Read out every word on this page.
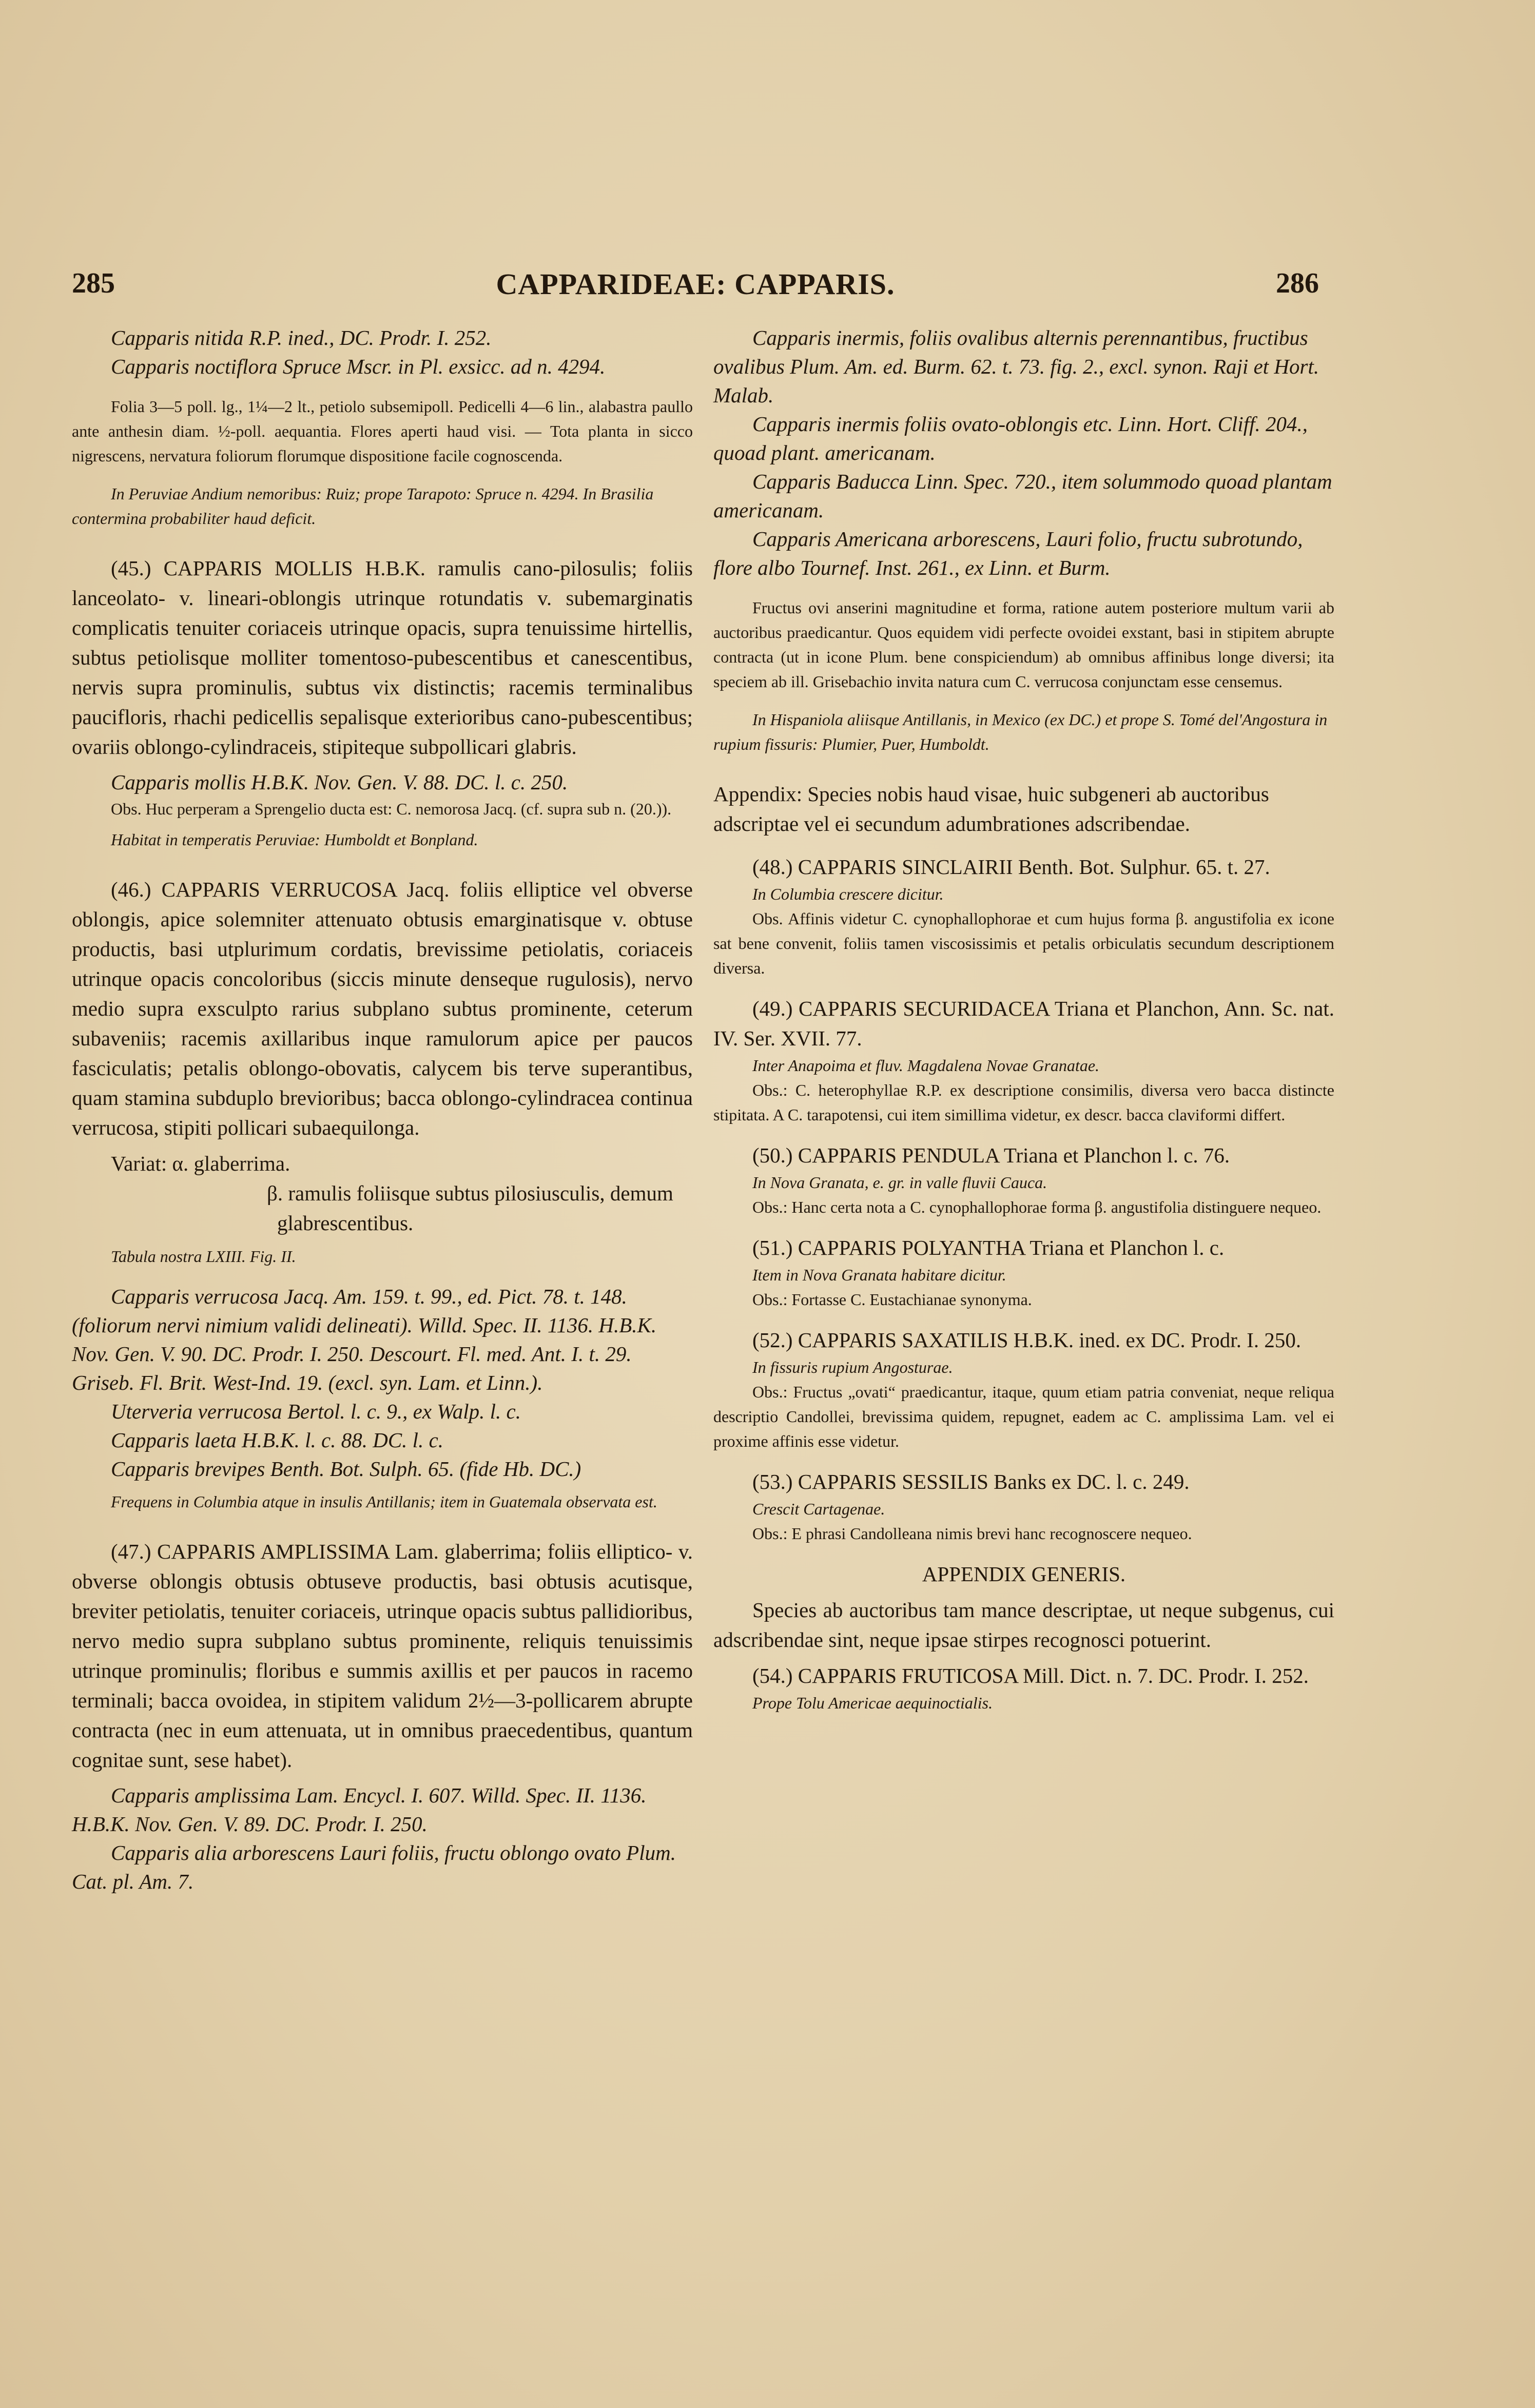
285	CAPPARIDEAE: CAPPARIS.	286

Capparis nitida R.P. ined., DC. Prodr. I. 252.

Capparis noctiflora Spruce Mscr. in Pl. exsicc. ad n. 4294.

Folia 3—5 poll. lg., 1¼—2 lt., petiolo subsemipoll. Pedicelli 4—6 lin., alabastra paullo ante anthesin diam. ½-poll. aequantia. Flores aperti haud visi. — Tota planta in sicco nigrescens, nervatura foliorum florumque dispositione facile cognoscenda.

In Peruviae Andium nemoribus: Ruiz; prope Tarapoto: Spruce n. 4294. In Brasilia contermina probabiliter haud deficit.

(45.) CAPPARIS MOLLIS H.B.K. ramulis cano-pilosulis; foliis lanceolato- v. lineari-oblongis utrinque rotundatis v. subemarginatis complicatis tenuiter coriaceis utrinque opacis, supra tenuissime hirtellis, subtus petiolisque molliter tomentoso-pubescentibus et canescentibus, nervis supra prominulis, subtus vix distinctis; racemis terminalibus paucifloris, rhachi pedicellis sepalisque exterioribus cano-pubescentibus; ovariis oblongo-cylindraceis, stipiteque subpollicari glabris.

Capparis mollis H.B.K. Nov. Gen. V. 88. DC. l. c. 250.

Obs. Huc perperam a Sprengelio ducta est: C. nemorosa Jacq. (cf. supra sub n. (20.)).

Habitat in temperatis Peruviae: Humboldt et Bonpland.

(46.) CAPPARIS VERRUCOSA Jacq. foliis elliptice vel obverse oblongis, apice solemniter attenuato obtusis emarginatisque v. obtuse productis, basi utplurimum cordatis, brevissime petiolatis, coriaceis utrinque opacis concoloribus (siccis minute denseque rugulosis), nervo medio supra exsculpto rarius subplano subtus prominente, ceterum subaveniis; racemis axillaribus inque ramulorum apice per paucos fasciculatis; petalis oblongo-obovatis, calycem bis terve superantibus, quam stamina subduplo brevioribus; bacca oblongo-cylindracea continua verrucosa, stipiti pollicari subaequilonga.

Variat: α. glaberrima.

β. ramulis foliisque subtus pilosiusculis, demum

glabrescentibus.

Tabula nostra LXIII. Fig. II.

Capparis verrucosa Jacq. Am. 159. t. 99., ed. Pict. 78. t. 148. (foliorum nervi nimium validi delineati). Willd. Spec. II. 1136. H.B.K. Nov. Gen. V. 90. DC. Prodr. I. 250. Descourt. Fl. med. Ant. I. t. 29. Griseb. Fl. Brit. West-Ind. 19. (excl. syn. Lam. et Linn.).

Uterveria verrucosa Bertol. l. c. 9., ex Walp. l. c.

Capparis laeta H.B.K. l. c. 88. DC. l. c.

Capparis brevipes Benth. Bot. Sulph. 65. (fide Hb. DC.)

Frequens in Columbia atque in insulis Antillanis; item in Guatemala observata est.

(47.) CAPPARIS AMPLISSIMA Lam. glaberrima; foliis elliptico- v. obverse oblongis obtusis obtuseve productis, basi obtusis acutisque, breviter petiolatis, tenuiter coriaceis, utrinque opacis subtus pallidioribus, nervo medio supra subplano subtus prominente, reliquis tenuissimis utrinque prominulis; floribus e summis axillis et per paucos in racemo terminali; bacca ovoidea, in stipitem validum 2½—3-pollicarem abrupte contracta (nec in eum attenuata, ut in omnibus praecedentibus, quantum cognitae sunt, sese habet).

Capparis amplissima Lam. Encycl. I. 607. Willd. Spec. II. 1136. H.B.K. Nov. Gen. V. 89. DC. Prodr. I. 250.

Capparis alia arborescens Lauri foliis, fructu oblongo ovato Plum. Cat. pl. Am. 7.

Capparis inermis, foliis ovalibus alternis perennantibus, fructibus ovalibus Plum. Am. ed. Burm. 62. t. 73. fig. 2., excl. synon. Raji et Hort. Malab.

Capparis inermis foliis ovato-oblongis etc. Linn. Hort. Cliff. 204., quoad plant. americanam.

Capparis Baducca Linn. Spec. 720., item solummodo quoad plantam americanam.

Capparis Americana arborescens, Lauri folio, fructu subrotundo, flore albo Tournef. Inst. 261., ex Linn. et Burm.

Fructus ovi anserini magnitudine et forma, ratione autem posteriore multum varii ab auctoribus praedicantur. Quos equidem vidi perfecte ovoidei exstant, basi in stipitem abrupte contracta (ut in icone Plum. bene conspiciendum) ab omnibus affinibus longe diversi; ita speciem ab ill. Grisebachio invita natura cum C. verrucosa conjunctam esse censemus.

In Hispaniola aliisque Antillanis, in Mexico (ex DC.) et prope S. Tomé del'Angostura in rupium fissuris: Plumier, Puer, Humboldt.

Appendix: Species nobis haud visae, huic subgeneri ab auctoribus adscriptae vel ei secundum adumbrationes adscribendae.

(48.) CAPPARIS SINCLAIRII Benth. Bot. Sulphur. 65. t. 27.

In Columbia crescere dicitur.

Obs. Affinis videtur C. cynophallophorae et cum hujus forma β. angustifolia ex icone sat bene convenit, foliis tamen viscosissimis et petalis orbiculatis secundum descriptionem diversa.

(49.) CAPPARIS SECURIDACEA Triana et Planchon, Ann. Sc. nat. IV. Ser. XVII. 77.

Inter Anapoima et fluv. Magdalena Novae Granatae.

Obs.: C. heterophyllae R.P. ex descriptione consimilis, diversa vero bacca distincte stipitata. A C. tarapotensi, cui item simillima videtur, ex descr. bacca claviformi differt.

(50.) CAPPARIS PENDULA Triana et Planchon l. c. 76.

In Nova Granata, e. gr. in valle fluvii Cauca.

Obs.: Hanc certa nota a C. cynophallophorae forma β. angustifolia distinguere nequeo.

(51.) CAPPARIS POLYANTHA Triana et Planchon l. c.

Item in Nova Granata habitare dicitur.

Obs.: Fortasse C. Eustachianae synonyma.

(52.) CAPPARIS SAXATILIS H.B.K. ined. ex DC. Prodr. I. 250.

In fissuris rupium Angosturae.

Obs.: Fructus „ovati“ praedicantur, itaque, quum etiam patria conveniat, neque reliqua descriptio Candollei, brevissima quidem, repugnet, eadem ac C. amplissima Lam. vel ei proxime affinis esse videtur.

(53.) CAPPARIS SESSILIS Banks ex DC. l. c. 249.

Crescit Cartagenae.

Obs.: E phrasi Candolleana nimis brevi hanc recognoscere nequeo.

APPENDIX GENERIS.

Species ab auctoribus tam mance descriptae, ut neque subgenus, cui adscribendae sint, neque ipsae stirpes recognosci potuerint.

(54.) CAPPARIS FRUTICOSA Mill. Dict. n. 7. DC. Prodr. I. 252.

Prope Tolu Americae aequinoctialis.
